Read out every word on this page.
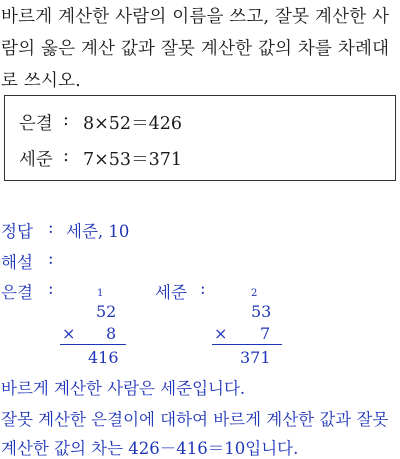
바르게 계산한 사람의 이름을 쓰고, 잘못 계산한 사
람의 옳은 계산 값과 잘못 계산한 값의 차를 차례대
로 쓰시오.
은결 : 8×52＝426
세준 : 7×53＝371
정답 : 세준, 10
해설 :
은결 :	1
52
× 8
416
세준 :	2
53
× 7
371
바르게 계산한 사람은 세준입니다.
잘못 계산한 은결이에 대하여 바르게 계산한 값과 잘못
계산한 값의 차는 426－416＝10입니다.
